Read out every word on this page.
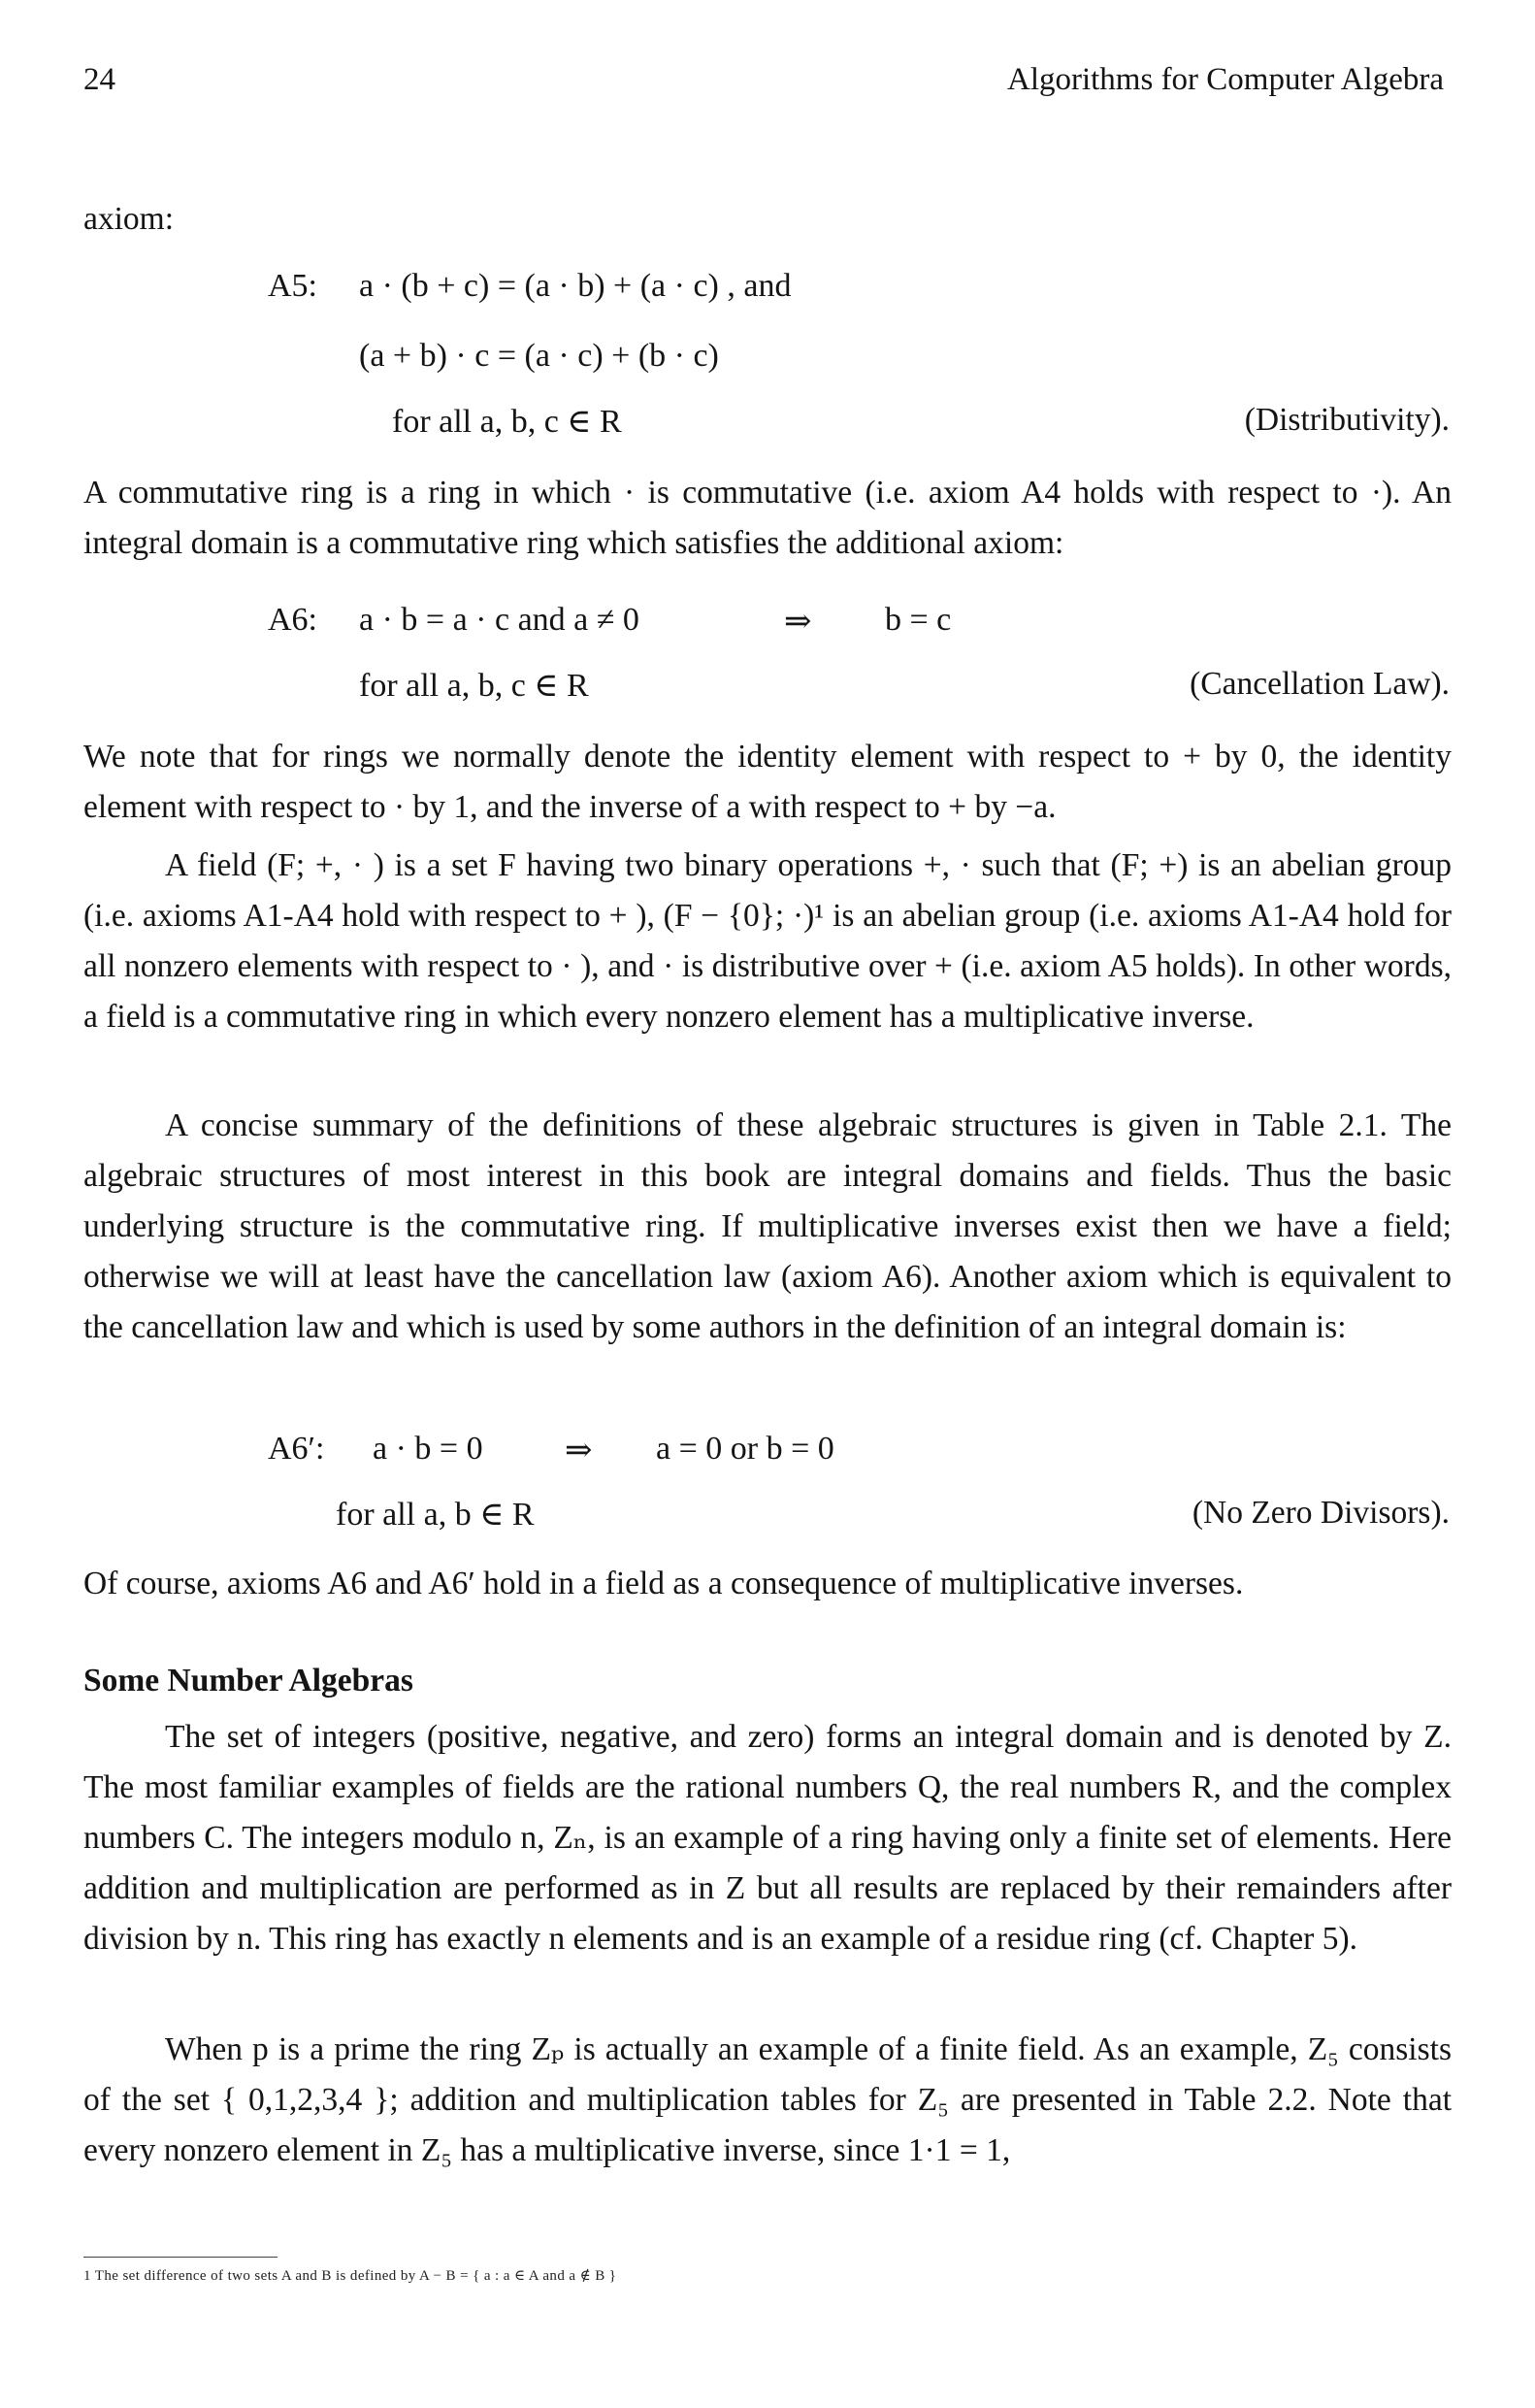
24	Algorithms for Computer Algebra
axiom:
A5: a · (b + c) = (a · b) + (a · c) , and
(a + b) · c = (a · c) + (b · c)
for all a, b, c ∈ R	(Distributivity).

A commutative ring is a ring in which · is commutative (i.e. axiom A4 holds with respect to ·). An integral domain is a commutative ring which satisfies the additional axiom:

A6: a · b = a · c and a ≠ 0	⇒ b = c
for all a, b, c ∈ R	(Cancellation Law).

We note that for rings we normally denote the identity element with respect to + by 0, the identity element with respect to · by 1, and the inverse of a with respect to + by −a.

A field (F; +, · ) is a set F having two binary operations +, · such that (F; +) is an abelian group (i.e. axioms A1-A4 hold with respect to + ), (F − {0}; ·)¹ is an abelian group (i.e. axioms A1-A4 hold for all nonzero elements with respect to · ), and · is distributive over + (i.e. axiom A5 holds). In other words, a field is a commutative ring in which every nonzero element has a multiplicative inverse.

A concise summary of the definitions of these algebraic structures is given in Table 2.1. The algebraic structures of most interest in this book are integral domains and fields. Thus the basic underlying structure is the commutative ring. If multiplicative inverses exist then we have a field; otherwise we will at least have the cancellation law (axiom A6). Another axiom which is equivalent to the cancellation law and which is used by some authors in the definition of an integral domain is:

A6′: a · b = 0 ⇒ a = 0 or b = 0
for all a, b ∈ R	(No Zero Divisors).

Of course, axioms A6 and A6′ hold in a field as a consequence of multiplicative inverses.

Some Number Algebras

The set of integers (positive, negative, and zero) forms an integral domain and is denoted by Z. The most familiar examples of fields are the rational numbers Q, the real numbers R, and the complex numbers C. The integers modulo n, Zₙ, is an example of a ring having only a finite set of elements. Here addition and multiplication are performed as in Z but all results are replaced by their remainders after division by n. This ring has exactly n elements and is an example of a residue ring (cf. Chapter 5).

When p is a prime the ring Zₚ is actually an example of a finite field. As an example, Z₅ consists of the set { 0,1,2,3,4 }; addition and multiplication tables for Z₅ are presented in Table 2.2. Note that every nonzero element in Z₅ has a multiplicative inverse, since 1·1 = 1,

1 The set difference of two sets A and B is defined by A − B = { a : a ∈ A and a ∉ B }
